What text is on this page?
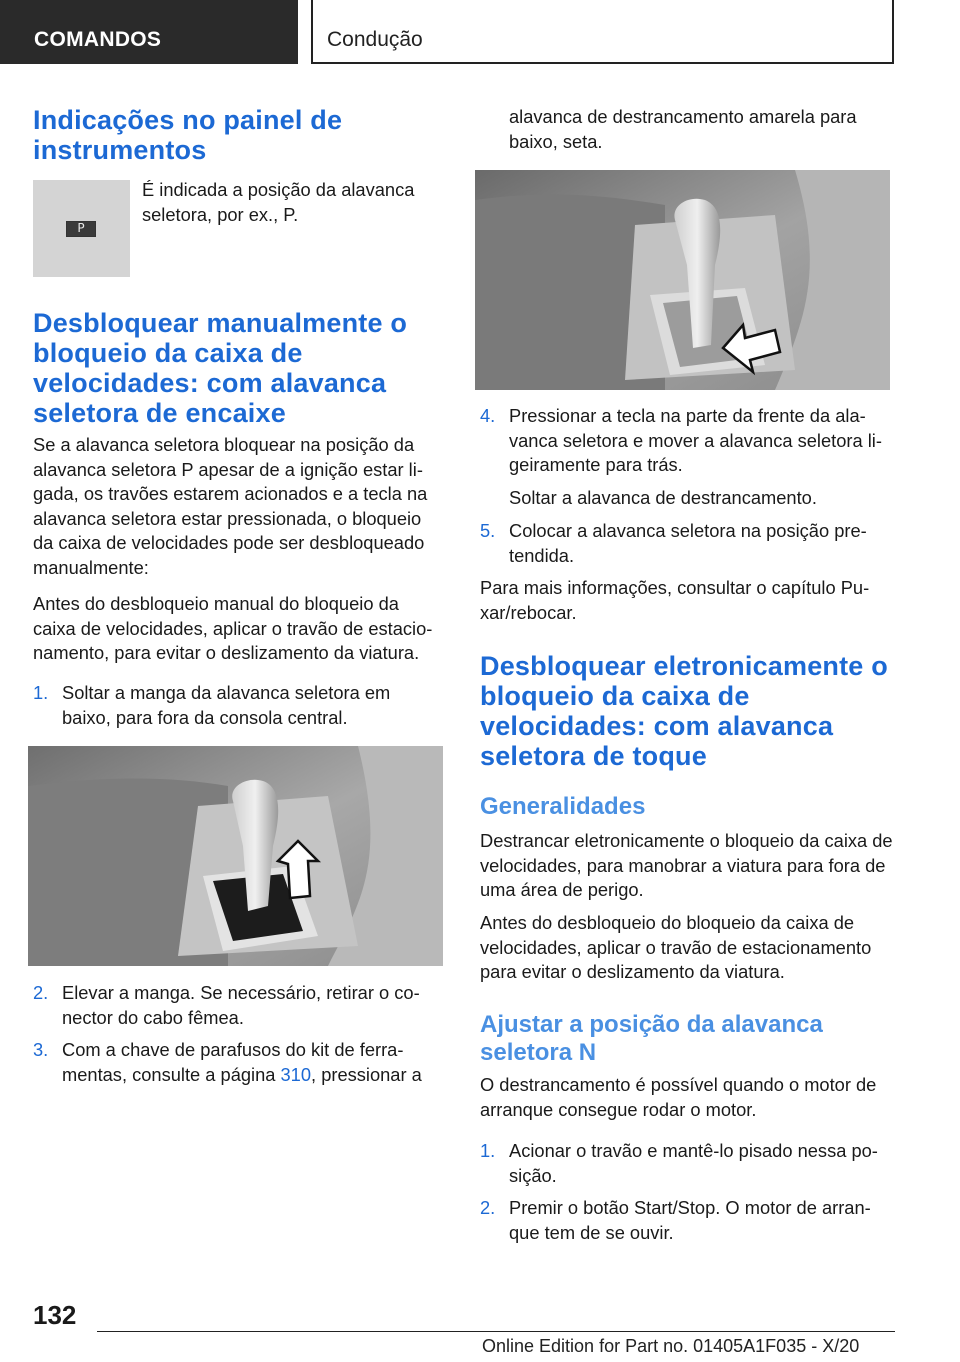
COMANDOS	Condução
Indicações no painel de instrumentos
P
É indicada a posição da alavanca seletora, por ex., P.
Desbloquear manualmente o bloqueio da caixa de velocidades: com alavanca seletora de encaixe
Se a alavanca seletora bloquear na posição da alavanca seletora P apesar de a ignição estar ligada, os travões estarem acionados e a tecla na alavanca seletora estar pressionada, o bloqueio da caixa de velocidades pode ser desbloqueado manualmente:
Antes do desbloqueio manual do bloqueio da caixa de velocidades, aplicar o travão de estacionamento, para evitar o deslizamento da viatura.
1. Soltar a manga da alavanca seletora em baixo, para fora da consola central.
2. Elevar a manga. Se necessário, retirar o conector do cabo fêmea.
3. Com a chave de parafusos do kit de ferramentas, consulte a página 310, pressionar a
alavanca de destrancamento amarela para baixo, seta.
4. Pressionar a tecla na parte da frente da alavanca seletora e mover a alavanca seletora ligeiramente para trás.
Soltar a alavanca de destrancamento.
5. Colocar a alavanca seletora na posição pretendida.
Para mais informações, consultar o capítulo Puxar/rebocar.
Desbloquear eletronicamente o bloqueio da caixa de velocidades: com alavanca seletora de toque
Generalidades
Destrancar eletronicamente o bloqueio da caixa de velocidades, para manobrar a viatura para fora de uma área de perigo.
Antes do desbloqueio do bloqueio da caixa de velocidades, aplicar o travão de estacionamento para evitar o deslizamento da viatura.
Ajustar a posição da alavanca seletora N
O destrancamento é possível quando o motor de arranque consegue rodar o motor.
1. Acionar o travão e mantê-lo pisado nessa posição.
2. Premir o botão Start/Stop. O motor de arranque tem de se ouvir.
132
Online Edition for Part no. 01405A1F035 - X/20
